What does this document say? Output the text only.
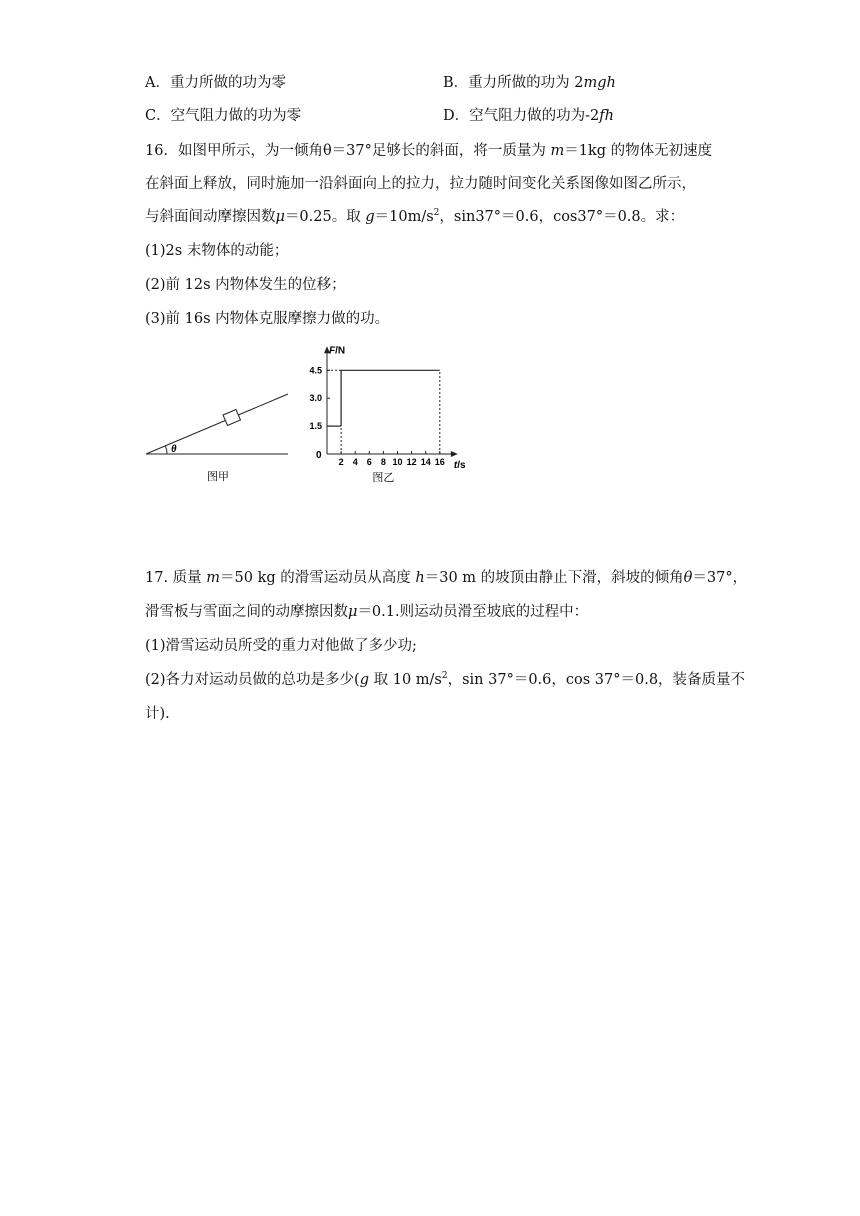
A．重力所做的功为零	B．重力所做的功为 2mgh
C．空气阻力做的功为零	D．空气阻力做的功为-2fh
16．如图甲所示，为一倾角θ＝37°足够长的斜面，将一质量为 m＝1kg 的物体无初速度
在斜面上释放，同时施加一沿斜面向上的拉力，拉力随时间变化关系图像如图乙所示，
与斜面间动摩擦因数μ＝0.25。取 $g=10m/s^2$，sin37°＝0.6，cos37°＝0.8。求：
(1)2s 末物体的动能；
(2)前 12s 内物体发生的位移；
(3)前 16s 内物体克服摩擦力做的功。
θ
图甲
F/N
t/s
0
2 4 6 8 10 12 14 16
1.5
3.0
4.5
图乙
17. 质量 m＝50 kg 的滑雪运动员从高度 h＝30 m 的坡顶由静止下滑，斜坡的倾角θ＝37°，
滑雪板与雪面之间的动摩擦因数μ＝0.1.则运动员滑至坡底的过程中：
(1)滑雪运动员所受的重力对他做了多少功;
(2)各力对运动员做的总功是多少(g 取 10 $m/s^2$，sin 37°＝0.6，cos 37°＝0.8，装备质量不
计).
